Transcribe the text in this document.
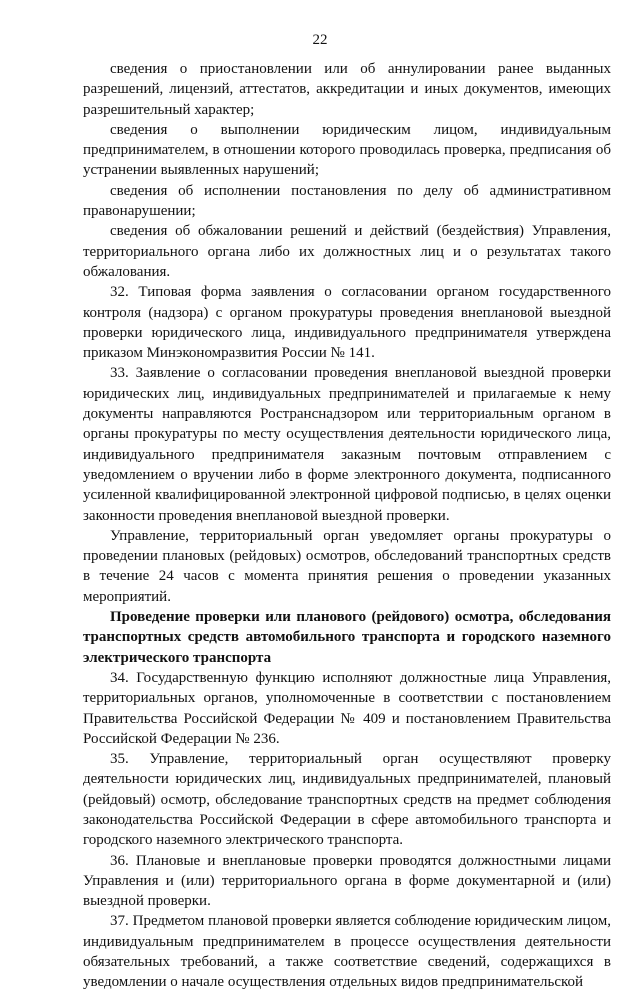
22

сведения о приостановлении или об аннулировании ранее выданных разрешений, лицензий, аттестатов, аккредитации и иных документов, имеющих разрешительный характер;

сведения о выполнении юридическим лицом, индивидуальным предпринимателем, в отношении которого проводилась проверка, предписания об устранении выявленных нарушений;

сведения об исполнении постановления по делу об административном правонарушении;

сведения об обжаловании решений и действий (бездействия) Управления, территориального органа либо их должностных лиц и о результатах такого обжалования.

32. Типовая форма заявления о согласовании органом государственного контроля (надзора) с органом прокуратуры проведения внеплановой выездной проверки юридического лица, индивидуального предпринимателя утверждена приказом Минэкономразвития России № 141.

33. Заявление о согласовании проведения внеплановой выездной проверки юридических лиц, индивидуальных предпринимателей и прилагаемые к нему документы направляются Ространснадзором или территориальным органом в органы прокуратуры по месту осуществления деятельности юридического лица, индивидуального предпринимателя заказным почтовым отправлением с уведомлением о вручении либо в форме электронного документа, подписанного усиленной квалифицированной электронной цифровой подписью, в целях оценки законности проведения внеплановой выездной проверки.

Управление, территориальный орган уведомляет органы прокуратуры о проведении плановых (рейдовых) осмотров, обследований транспортных средств в течение 24 часов с момента принятия решения о проведении указанных мероприятий.

Проведение проверки или планового (рейдового) осмотра, обследования транспортных средств автомобильного транспорта и городского наземного электрического транспорта

34. Государственную функцию исполняют должностные лица Управления, территориальных органов, уполномоченные в соответствии с постановлением Правительства Российской Федерации № 409 и постановлением Правительства Российской Федерации № 236.

35. Управление, территориальный орган осуществляют проверку деятельности юридических лиц, индивидуальных предпринимателей, плановый (рейдовый) осмотр, обследование транспортных средств на предмет соблюдения законодательства Российской Федерации в сфере автомобильного транспорта и городского наземного электрического транспорта.

36. Плановые и внеплановые проверки проводятся должностными лицами Управления и (или) территориального органа в форме документарной и (или) выездной проверки.

37. Предметом плановой проверки является соблюдение юридическим лицом, индивидуальным предпринимателем в процессе осуществления деятельности обязательных требований, а также соответствие сведений, содержащихся в уведомлении о начале осуществления отдельных видов предпринимательской
